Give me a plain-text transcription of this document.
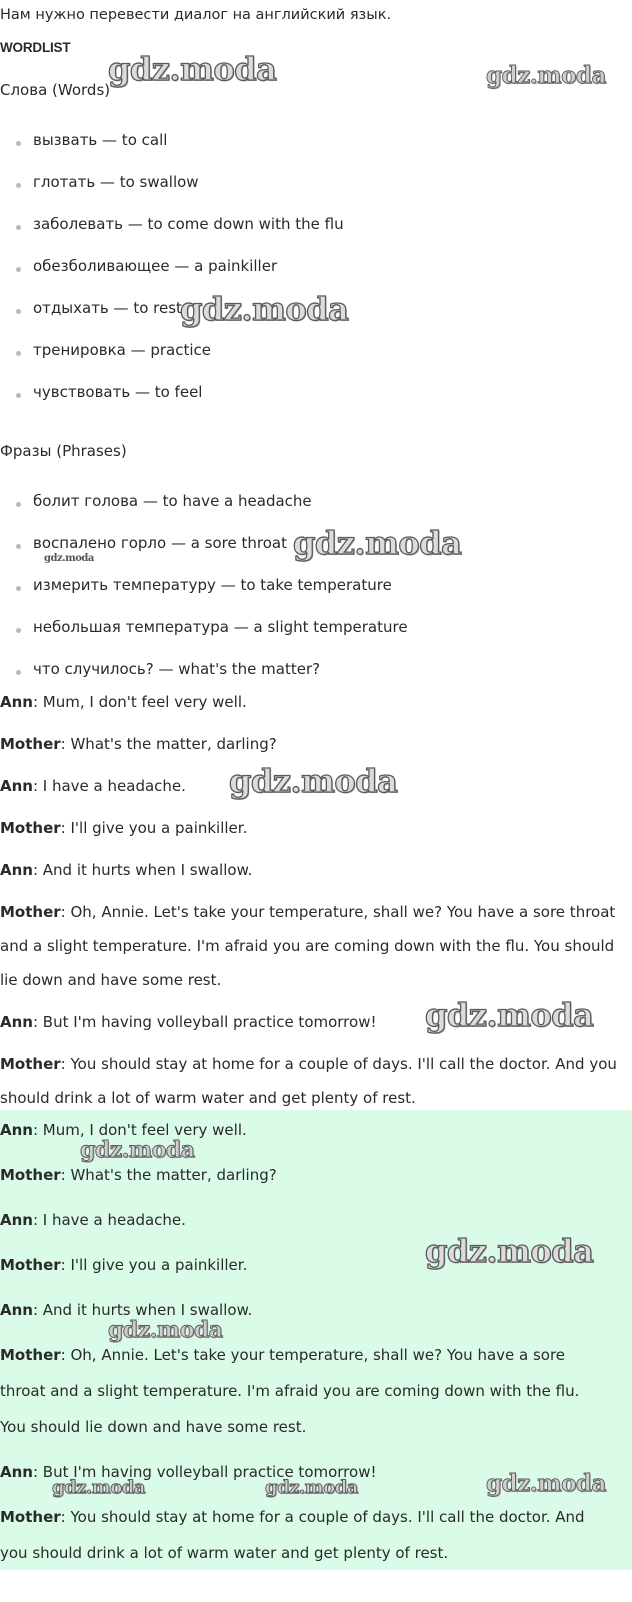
Нам нужно перевести диалог на английский язык.
WORDLIST
Слова (Words)
вызвать — to call
глотать — to swallow
заболевать — to come down with the flu
обезболивающее — a painkiller
отдыхать — to rest
тренировка — practice
чувствовать — to feel
Фразы (Phrases)
болит голова — to have a headache
воспалено горло — a sore throat
измерить температуру — to take temperature
небольшая температура — a slight temperature
что случилось? — what's the matter?
Ann: Mum, I don't feel very well.
Mother: What's the matter, darling?
Ann: I have a headache.
Mother: I'll give you a painkiller.
Ann: And it hurts when I swallow.
Mother: Oh, Annie. Let's take your temperature, shall we? You have a sore throat
and a slight temperature. I'm afraid you are coming down with the flu. You should
lie down and have some rest.
Ann: But I'm having volleyball practice tomorrow!
Mother: You should stay at home for a couple of days. I'll call the doctor. And you
should drink a lot of warm water and get plenty of rest.
Ann: Mum, I don't feel very well.
Mother: What's the matter, darling?
Ann: I have a headache.
Mother: I'll give you a painkiller.
Ann: And it hurts when I swallow.
Mother: Oh, Annie. Let's take your temperature, shall we? You have a sore
throat and a slight temperature. I'm afraid you are coming down with the flu.
You should lie down and have some rest.
Ann: But I'm having volleyball practice tomorrow!
Mother: You should stay at home for a couple of days. I'll call the doctor. And
you should drink a lot of warm water and get plenty of rest.
gdz.moda	gdz.moda
gdz.moda
gdz.moda
gdz.moda
gdz.moda
gdz.moda
gdz.moda
gdz.moda
gdz.moda
gdz.moda	gdz.moda	gdz.moda
